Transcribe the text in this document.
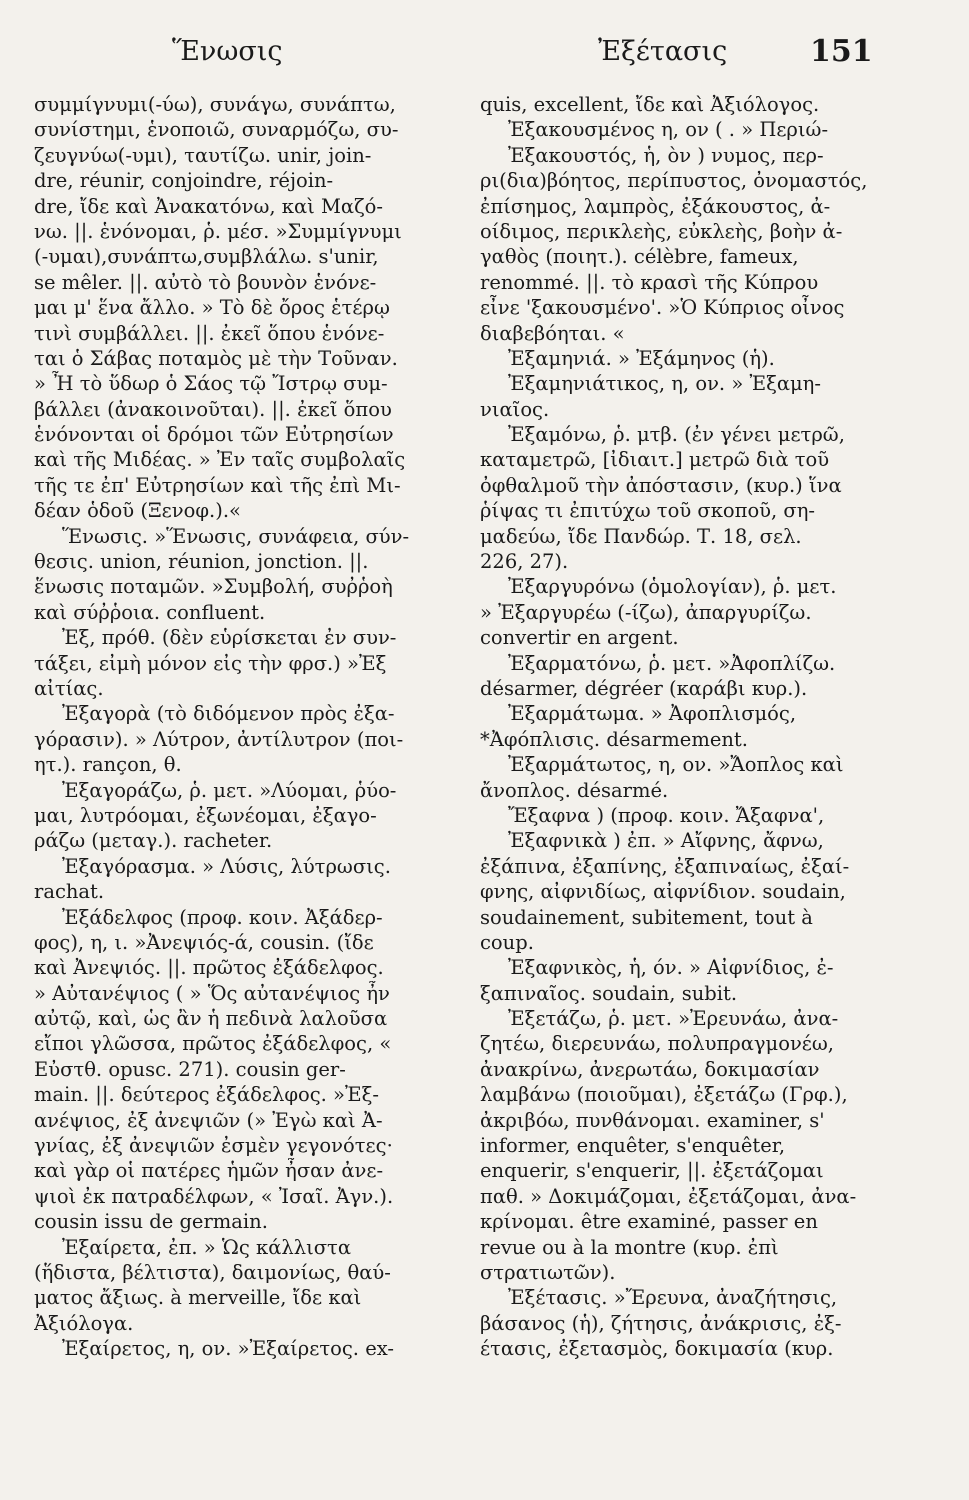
Ἕνωσις	Ἐξέτασις	151
συμμίγνυμι(-ύω), συνάγω, συνάπτω,
συνίστημι, ἑνοποιῶ, συναρμόζω, συ-
ζευγνύω(-υμι), ταυτίζω. unir, join-
dre, réunir, conjoindre, réjoin-
dre, ἴδε καὶ Ἀνακατόνω, καὶ Μαζό-
νω. ||. ἑνόνομαι, ῥ. μέσ. »Συμμίγνυμι
(-υμαι),συνάπτω,συμβλάλω. s'unir,
se mêler. ||. αὐτὸ τὸ βουνὸν ἑνόνε-
μαι μ' ἕνα ἄλλο. » Τὸ δὲ ὄρος ἑτέρῳ
τινὶ συμβάλλει. ||. ἐκεῖ ὅπου ἑνόνε-
ται ὁ Σάβας ποταμὸς μὲ τὴν Τοῦναν.
» Ἦ τὸ ὕδωρ ὁ Σάος τῷ Ἴστρῳ συμ-
βάλλει (ἀνακοινοῦται). ||. ἐκεῖ ὅπου
ἑνόνονται οἱ δρόμοι τῶν Εὐτρησίων
καὶ τῆς Μιδέας. » Ἐν ταῖς συμβολαῖς
τῆς τε ἐπ' Εὐτρησίων καὶ τῆς ἐπὶ Μι-
δέαν ὁδοῦ (Ξενοφ.).«
Ἕνωσις. »Ἕνωσις, συνάφεια, σύν-
θεσις. union, réunion, jonction. ||.
ἕνωσις ποταμῶν. »Συμβολή, συῤῥοὴ
καὶ σύῤῥοια. confluent.
Ἐξ, πρόθ. (δὲν εὑρίσκεται ἐν συν-
τάξει, εἰμὴ μόνον εἰς τὴν φρσ.) »Ἐξ
αἰτίας.
Ἐξαγορὰ (τὸ διδόμενον πρὸς ἐξα-
γόρασιν). » Λύτρον, ἀντίλυτρον (ποι-
ητ.). rançon, θ.
Ἐξαγοράζω, ῥ. μετ. »Λύομαι, ῥύο-
μαι, λυτρόομαι, ἐξωνέομαι, ἐξαγο-
ράζω (μεταγ.). racheter.
Ἐξαγόρασμα. » Λύσις, λύτρωσις.
rachat.
Ἐξάδελφος (προφ. κοιν. Ἀξάδερ-
φος), η, ι. »Ἀνεψιός-ά, cousin. (ἴδε
καὶ Ἀνεψιός. ||. πρῶτος ἐξάδελφος.
» Αὐτανέψιος ( » Ὅς αὐτανέψιος ἦν
αὐτῷ, καὶ, ὡς ἂν ἡ πεδινὰ λαλοῦσα
εἴποι γλῶσσα, πρῶτος ἐξάδελφος, «
Εὐστθ. opusc. 271). cousin ger-
main. ||. δεύτερος ἐξάδελφος. »Ἐξ-
ανέψιος, ἐξ ἀνεψιῶν (» Ἐγὼ καὶ Ἀ-
γνίας, ἐξ ἀνεψιῶν ἐσμὲν γεγονότες·
καὶ γὰρ οἱ πατέρες ἡμῶν ἦσαν ἀνε-
ψιοὶ ἐκ πατραδέλφων, « Ἰσαῖ. Ἀγν.).
cousin issu de germain.
Ἐξαίρετα, ἐπ. » Ὡς κάλλιστα
(ἥδιστα, βέλτιστα), δαιμονίως, θαύ-
ματος ἄξιως. à merveille, ἴδε καὶ
Ἀξιόλογα.
Ἐξαίρετος, η, ον. »Ἐξαίρετος. ex-
quis, excellent, ἴδε καὶ Ἀξιόλογος.
Ἐξακουσμένος η, ον ( . » Περιώ-
Ἐξακουστός, ἡ, ὸν ) νυμος, περ-
ρι(δια)βόητος, περίπυστος, ὀνομαστός,
ἐπίσημος, λαμπρὸς, ἐξάκουστος, ἀ-
οίδιμος, περικλεὴς, εὐκλεὴς, βοὴν ἀ-
γαθὸς (ποιητ.). célèbre, fameux,
renommé. ||. τὸ κρασὶ τῆς Κύπρου
εἶνε 'ξακουσμένο'. »Ὁ Κύπριος οἶνος
διαβεβόηται. «
Ἐξαμηνιά. » Ἐξάμηνος (ἡ).
Ἐξαμηνιάτικος, η, ον. » Ἐξαμη-
νιαῖος.
Ἐξαμόνω, ῥ. μτβ. (ἐν γένει μετρῶ,
καταμετρῶ, [ἰδιαιτ.] μετρῶ διὰ τοῦ
ὀφθαλμοῦ τὴν ἀπόστασιν, (κυρ.) ἵνα
ῥίψας τι ἐπιτύχω τοῦ σκοποῦ, ση-
μαδεύω, ἴδε Πανδώρ. Τ. 18, σελ.
226, 27).
Ἐξαργυρόνω (ὁμολογίαν), ῥ. μετ.
» Ἐξαργυρέω (-ίζω), ἀπαργυρίζω.
convertir en argent.
Ἐξαρματόνω, ῥ. μετ. »Ἀφοπλίζω.
désarmer, dégréer (καράβι κυρ.).
Ἐξαρμάτωμα. » Ἀφοπλισμός,
*Ἀφόπλισις. désarmement.
Ἐξαρμάτωτος, η, ον. »Ἄοπλος καὶ
ἄνοπλος. désarmé.
Ἔξαφνα ) (προφ. κοιν. Ἄξαφνα',
Ἐξαφνικὰ ) ἐπ. » Αἴφνης, ἄφνω,
ἐξάπινα, ἐξαπίνης, ἐξαπιναίως, ἐξαί-
φνης, αἰφνιδίως, αἰφνίδιον. soudain,
soudainement, subitement, tout à
coup.
Ἐξαφνικὸς, ἡ, όν. » Αἰφνίδιος, ἐ-
ξαπιναῖος. soudain, subit.
Ἐξετάζω, ῥ. μετ. »Ἐρευνάω, ἀνα-
ζητέω, διερευνάω, πολυπραγμονέω,
ἀνακρίνω, ἀνερωτάω, δοκιμασίαν
λαμβάνω (ποιοῦμαι), ἐξετάζω (Γρφ.),
ἀκριβόω, πυνθάνομαι. examiner, s'
informer, enquêter, s'enquêter,
enquerir, s'enquerir, ||. ἐξετάζομαι
παθ. » Δοκιμάζομαι, ἐξετάζομαι, ἀνα-
κρίνομαι. être examiné, passer en
revue ou à la montre (κυρ. ἐπὶ
στρατιωτῶν).
Ἐξέτασις. »Ἔρευνα, ἀναζήτησις,
βάσανος (ἡ), ζήτησις, ἀνάκρισις, ἐξ-
έτασις, ἐξετασμὸς, δοκιμασία (κυρ.
